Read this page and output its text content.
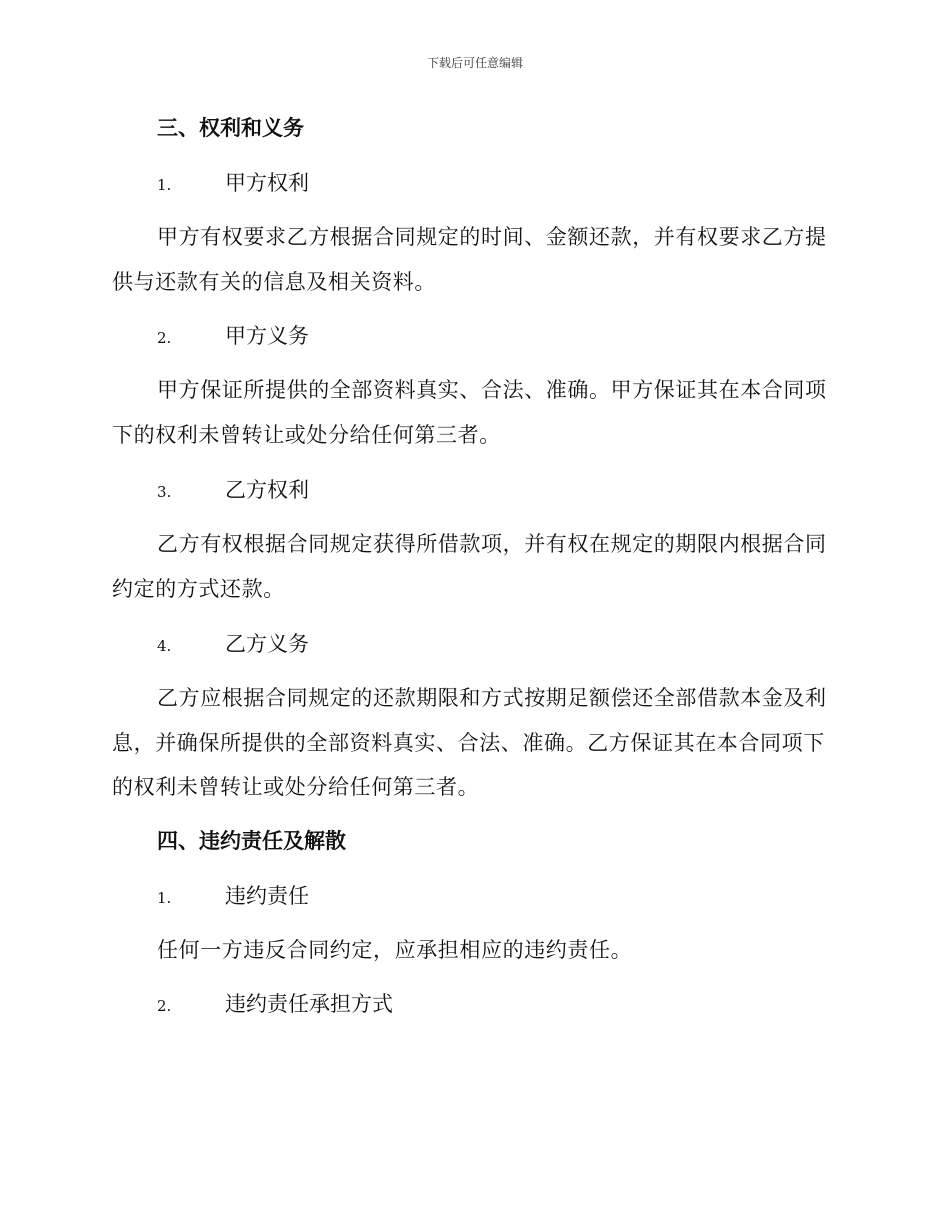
下载后可任意编辑
三、权利和义务
1.	甲方权利
甲方有权要求乙方根据合同规定的时间、金额还款，并有权要求乙方提
供与还款有关的信息及相关资料。
2.	甲方义务
甲方保证所提供的全部资料真实、合法、准确。甲方保证其在本合同项
下的权利未曾转让或处分给任何第三者。
3.	乙方权利
乙方有权根据合同规定获得所借款项，并有权在规定的期限内根据合同
约定的方式还款。
4.	乙方义务
乙方应根据合同规定的还款期限和方式按期足额偿还全部借款本金及利
息，并确保所提供的全部资料真实、合法、准确。乙方保证其在本合同项下
的权利未曾转让或处分给任何第三者。
四、违约责任及解散
1.	违约责任
任何一方违反合同约定，应承担相应的违约责任。
2.	违约责任承担方式
